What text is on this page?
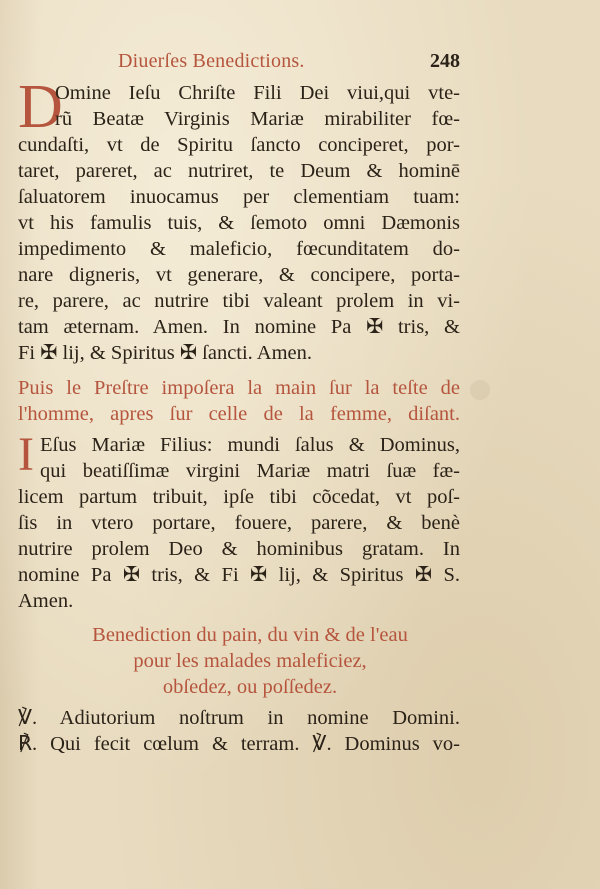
Diuerſes Benedictions.	248
D
Omine Ieſu Chriſte Fili Dei viui,qui vte-
rũ Beatæ Virginis Mariæ mirabiliter fœ-
cundaſti, vt de Spiritu ſancto conciperet, por-
taret, pareret, ac nutriret, te Deum & hominē
ſaluatorem inuocamus per clementiam tuam:
vt his famulis tuis, & ſemoto omni Dæmonis
impedimento & maleficio, fœcunditatem do-
nare digneris, vt generare, & concipere, porta-
re, parere, ac nutrire tibi valeant prolem in vi-
tam æternam. Amen. In nomine Pa ✠ tris, &
Fi ✠ lij, & Spiritus ✠ ſancti. Amen.
Puis le Preſtre impoſera la main ſur la teſte de
l'homme, apres ſur celle de la femme, diſant.
I Eſus Mariæ Filius: mundi ſalus & Dominus,
qui beatiſſimæ virgini Mariæ matri ſuæ fæ-
licem partum tribuit, ipſe tibi cõcedat, vt poſ-
ſis in vtero portare, fouere, parere, & benè
nutrire prolem Deo & hominibus gratam. In
nomine Pa ✠ tris, & Fi ✠ lij, & Spiritus ✠ S.
Amen.
Benediction du pain, du vin & de l'eau
pour les malades maleficiez,
obſedez, ou poſſedez.
℣. Adiutorium noſtrum in nomine Domini.
℟. Qui fecit cœlum & terram. ℣. Dominus vo-
